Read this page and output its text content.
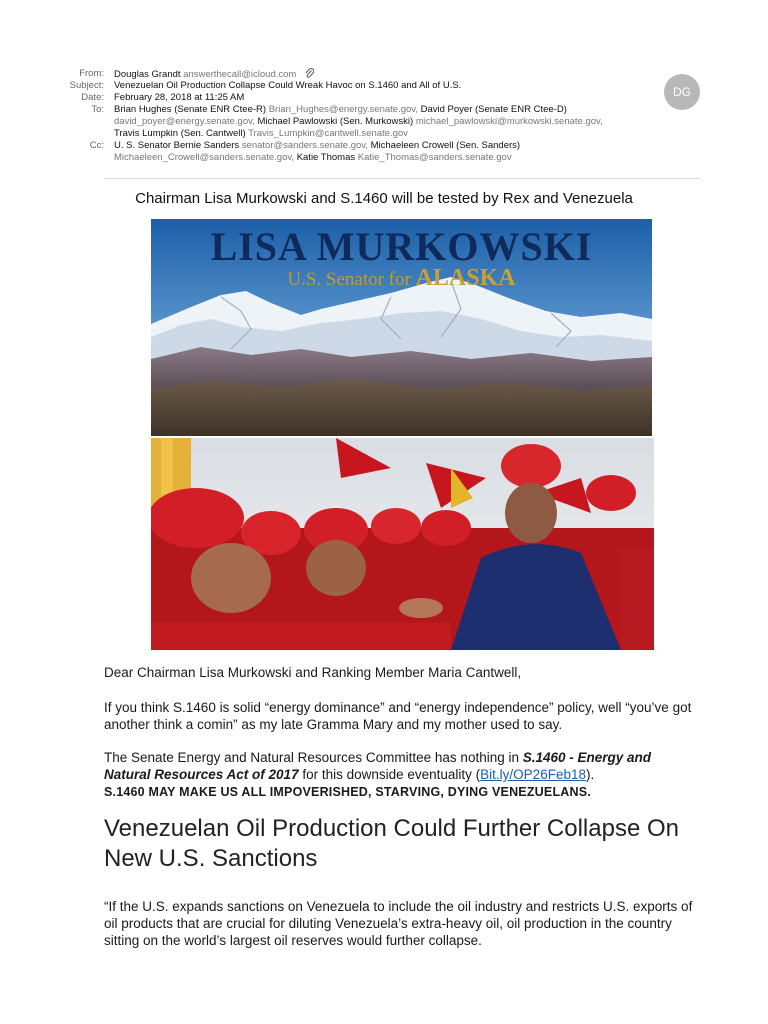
From: Douglas Grandt answerthecall@icloud.com
Subject: Venezuelan Oil Production Collapse Could Wreak Havoc on S.1460 and All of U.S.
Date: February 28, 2018 at 11:25 AM
To: Brian Hughes (Senate ENR Ctee-R) Brian_Hughes@energy.senate.gov, David Poyer (Senate ENR Ctee-D)
david_poyer@energy.senate.gov, Michael Pawlowski (Sen. Murkowski) michael_pawlowski@murkowski.senate.gov,
Travis Lumpkin (Sen. Cantwell) Travis_Lumpkin@cantwell.senate.gov
Cc: U. S. Senator Bernie Sanders senator@sanders.senate.gov, Michaeleen Crowell (Sen. Sanders)
Michaeleen_Crowell@sanders.senate.gov, Katie Thomas Katie_Thomas@sanders.senate.gov
DG
Chairman Lisa Murkowski and S.1460 will be tested by Rex and Venezuela
LISA MURKOWSKI
U.S. Senator for ALASKA
Dear Chairman Lisa Murkowski and Ranking Member Maria Cantwell,
If you think S.1460 is solid “energy dominance” and “energy independence” policy, well “you’ve got another think a comin” as my late Gramma Mary and my mother used to say.
The Senate Energy and Natural Resources Committee has nothing in S.1460 - Energy and Natural Resources Act of 2017 for this downside eventuality (Bit.ly/OP26Feb18).
S.1460 MAY MAKE US ALL IMPOVERISHED, STARVING, DYING VENEZUELANS.
Venezuelan Oil Production Could Further Collapse On New U.S. Sanctions
“If the U.S. expands sanctions on Venezuela to include the oil industry and restricts U.S. exports of oil products that are crucial for diluting Venezuela’s extra-heavy oil, oil production in the country sitting on the world’s largest oil reserves would further collapse.
